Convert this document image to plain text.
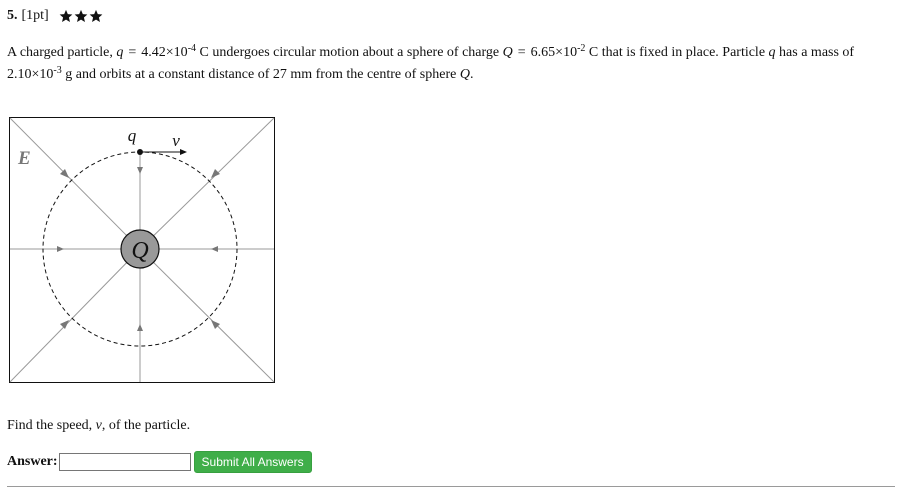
5. [1pt]
A charged particle, $q = 4.42\times 10^{-4}$ C undergoes circular motion about a sphere of charge $Q = 6.65\times 10^{-2}$ C that is fixed in place. Particle q has a mass of
$2.10\times 10^{-3}$ g and orbits at a constant distance of 27 mm from the centre of sphere Q.
Q
q v
E
Find the speed, v, of the particle.
Answer:	Submit All Answers
